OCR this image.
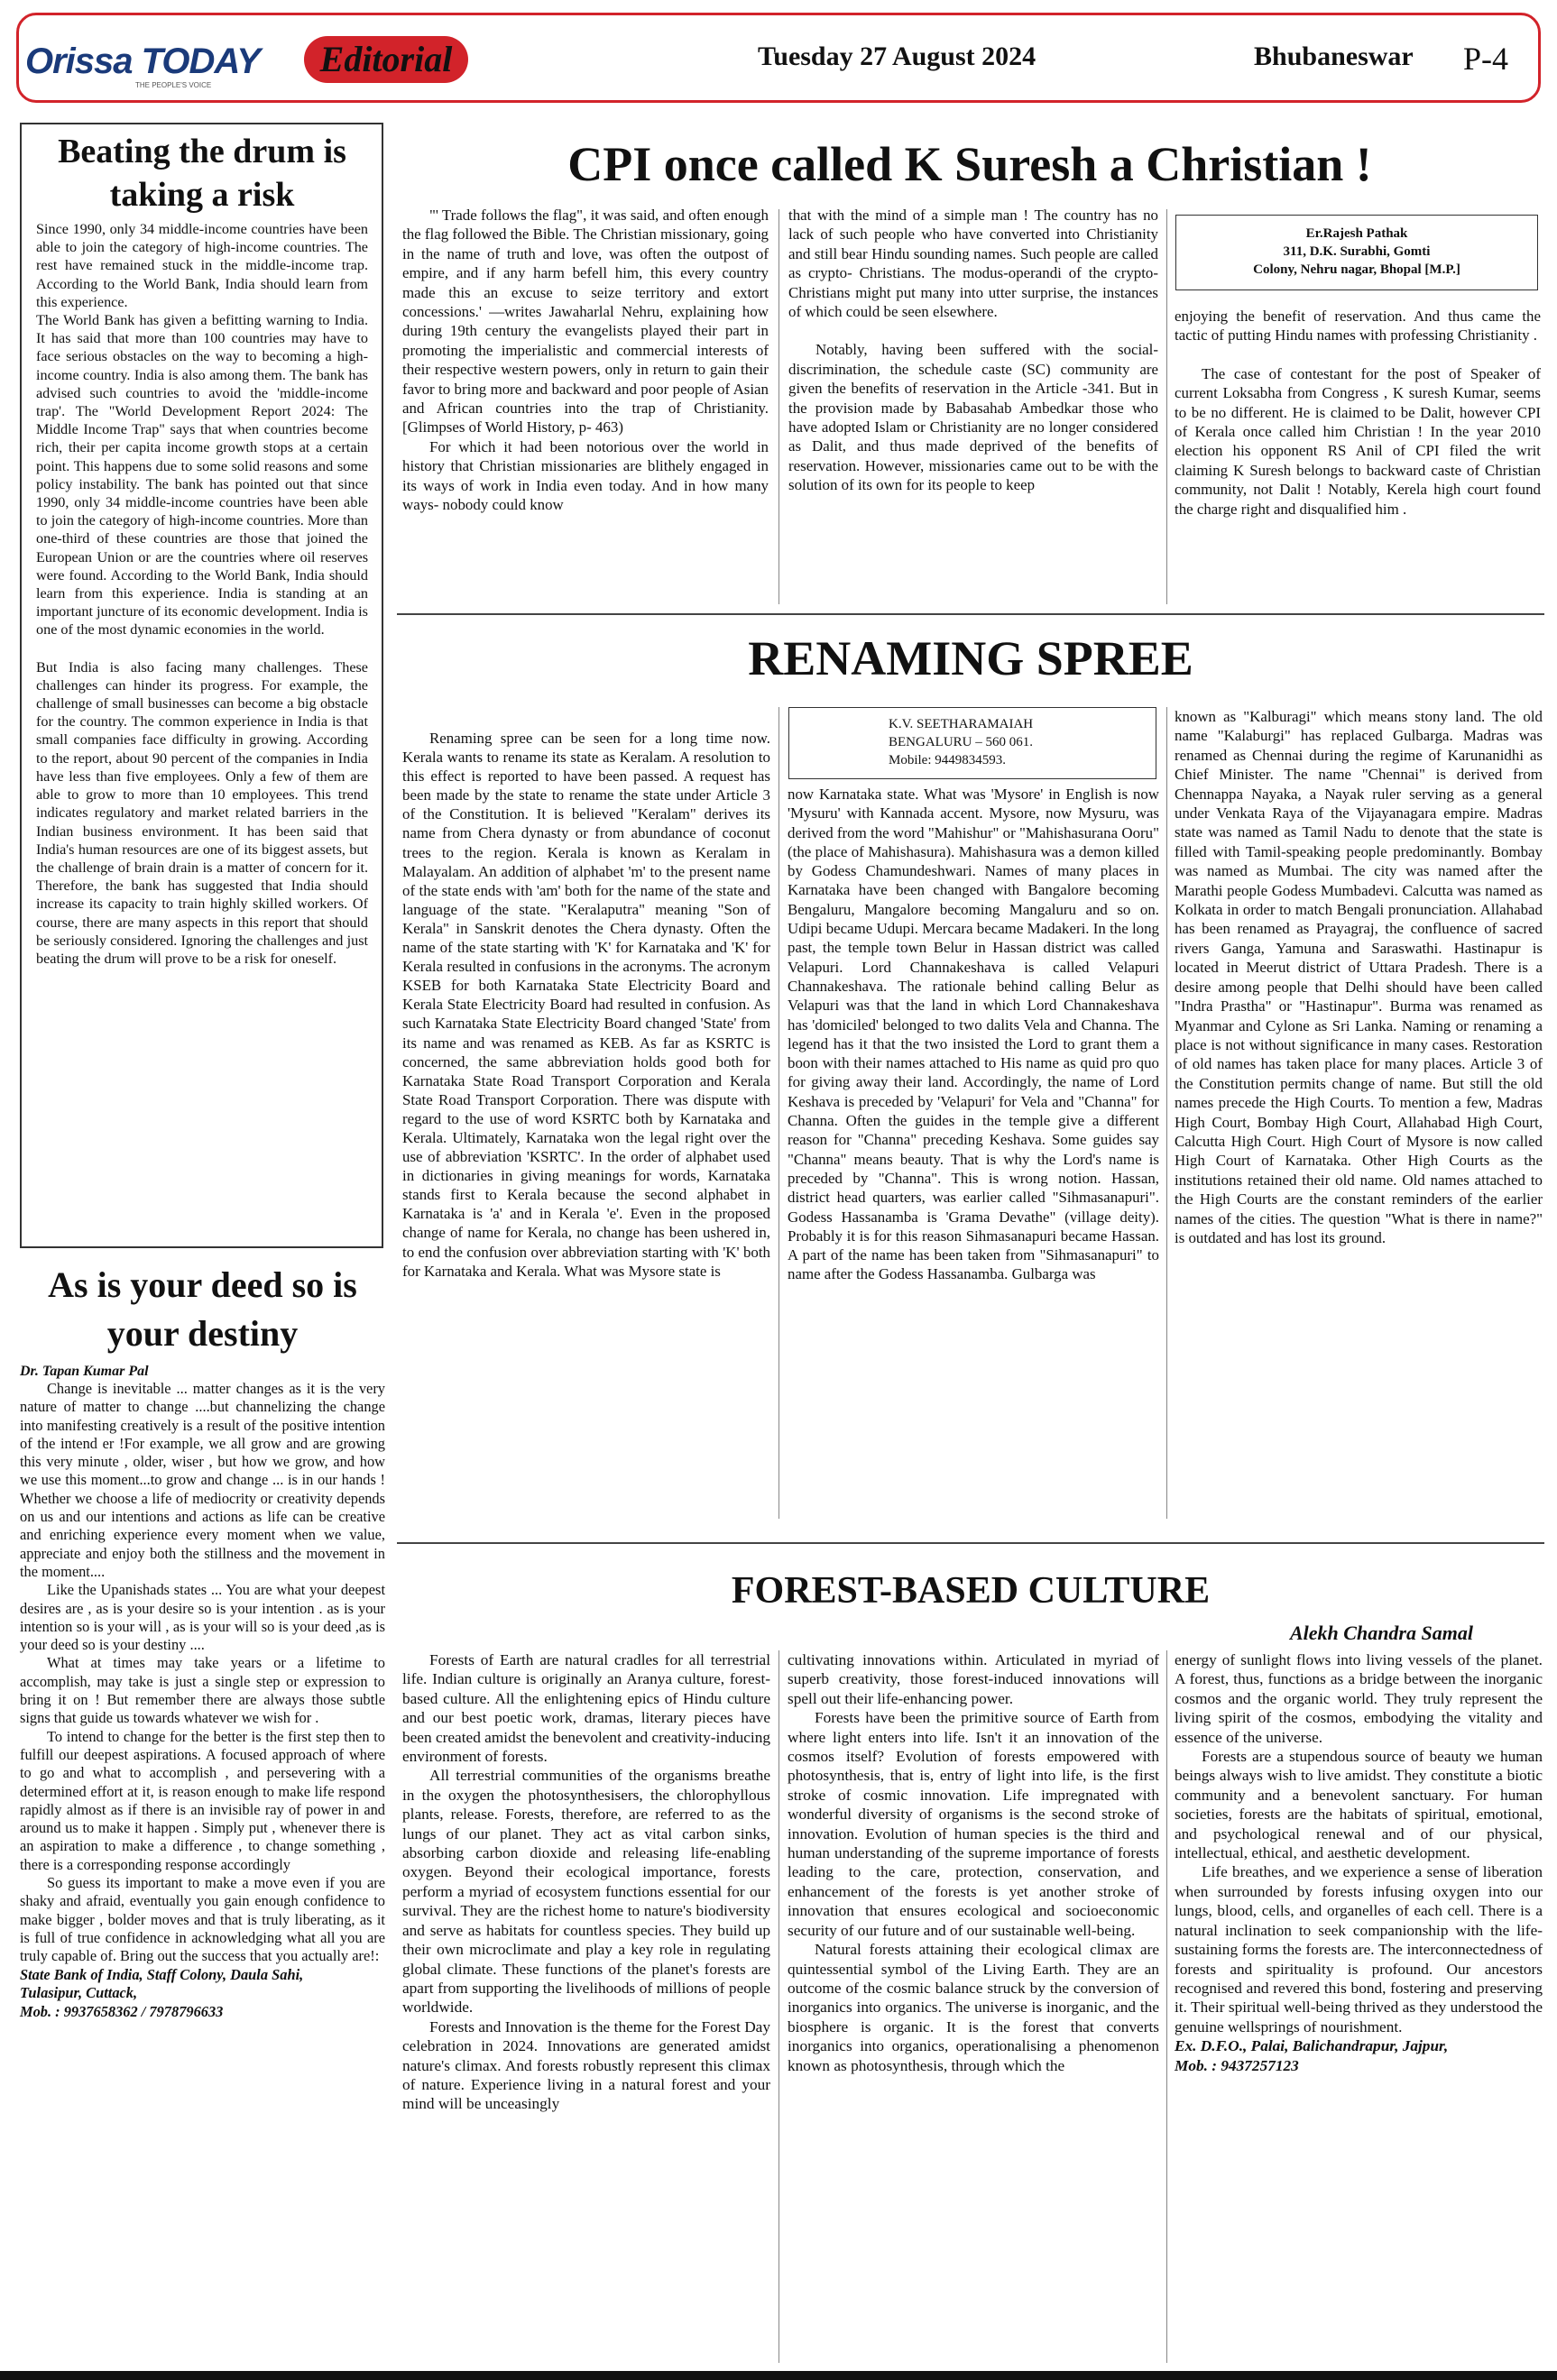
Orissa TODAY
THE PEOPLE'S VOICE
Editorial	Tuesday 27 August 2024	Bhubaneswar P-4
Beating the drum is taking a risk

Since 1990, only 34 middle-income countries have been able to join the category of high-income countries. The rest have remained stuck in the middle-income trap. According to the World Bank, India should learn from this experience.

The World Bank has given a befitting warning to India. It has said that more than 100 countries may have to face serious obstacles on the way to becoming a high-income country. India is also among them. The bank has advised such countries to avoid the 'middle-income trap'. The "World Development Report 2024: The Middle Income Trap" says that when countries become rich, their per capita income growth stops at a certain point. This happens due to some solid reasons and some policy instability. The bank has pointed out that since 1990, only 34 middle-income countries have been able to join the category of high-income countries. More than one-third of these countries are those that joined the European Union or are the countries where oil reserves were found. According to the World Bank, India should learn from this experience. India is standing at an important juncture of its economic development. India is one of the most dynamic economies in the world.

But India is also facing many challenges. These challenges can hinder its progress. For example, the challenge of small businesses can become a big obstacle for the country. The common experience in India is that small companies face difficulty in growing. According to the report, about 90 percent of the companies in India have less than five employees. Only a few of them are able to grow to more than 10 employees. This trend indicates regulatory and market related barriers in the Indian business environment. It has been said that India's human resources are one of its biggest assets, but the challenge of brain drain is a matter of concern for it. Therefore, the bank has suggested that India should increase its capacity to train highly skilled workers. Of course, there are many aspects in this report that should be seriously considered. Ignoring the challenges and just beating the drum will prove to be a risk for oneself.

As is your deed so is your destiny
Dr. Tapan Kumar Pal

Change is inevitable ... matter changes as it is the very nature of matter to change ....but channelizing the change into manifesting creatively is a result of the positive intention of the intend er !For example, we all grow and are growing this very minute , older, wiser , but how we grow, and how we use this moment...to grow and change ... is in our hands ! Whether we choose a life of mediocrity or creativity depends on us and our intentions and actions as life can be creative and enriching experience every moment when we value, appreciate and enjoy both the stillness and the movement in the moment....

Like the Upanishads states ... You are what your deepest desires are , as is your desire so is your intention . as is your intention so is your will , as is your will so is your deed ,as is your deed so is your destiny ....

What at times may take years or a lifetime to accomplish, may take is just a single step or expression to bring it on ! But remember there are always those subtle signs that guide us towards whatever we wish for .

To intend to change for the better is the first step then to fulfill our deepest aspirations. A focused approach of where to go and what to accomplish , and persevering with a determined effort at it, is reason enough to make life respond rapidly almost as if there is an invisible ray of power in and around us to make it happen . Simply put , whenever there is an aspiration to make a difference , to change something , there is a corresponding response accordingly

So guess its important to make a move even if you are shaky and afraid, eventually you gain enough confidence to make bigger , bolder moves and that is truly liberating, as it is full of true confidence in acknowledging what all you are truly capable of. Bring out the success that you actually are!:

State Bank of India, Staff Colony, Daula Sahi,
Tulasipur, Cuttack,
Mob. : 9937658362 / 7978796633
CPI once called K Suresh a Christian !

"' Trade follows the flag", it was said, and often enough the flag followed the Bible. The Christian missionary, going in the name of truth and love, was often the outpost of empire, and if any harm befell him, this every country made this an excuse to seize territory and extort concessions.' —writes Jawaharlal Nehru, explaining how during 19th century the evangelists played their part in promoting the imperialistic and commercial interests of their respective western powers, only in return to gain their favor to bring more and backward and poor people of Asian and African countries into the trap of Christianity.[Glimpses of World History, p- 463)

For which it had been notorious over the world in history that Christian missionaries are blithely engaged in its ways of work in India even today. And in how many ways- nobody could know

that with the mind of a simple man ! The country has no lack of such people who have converted into Christianity and still bear Hindu sounding names. Such people are called as crypto- Christians. The modus-operandi of the crypto- Christians might put many into utter surprise, the instances of which could be seen elsewhere.

Notably, having been suffered with the social-discrimination, the schedule caste (SC) community are given the benefits of reservation in the Article -341. But in the provision made by Babasahab Ambedkar those who have adopted Islam or Christianity are no longer considered as Dalit, and thus made deprived of the benefits of reservation. However, missionaries came out to be with the solution of its own for its people to keep

Er.Rajesh Pathak
311, D.K. Surabhi, Gomti
Colony, Nehru nagar, Bhopal [M.P.]

enjoying the benefit of reservation. And thus came the tactic of putting Hindu names with professing Christianity .

The case of contestant for the post of Speaker of current Loksabha from Congress , K suresh Kumar, seems to be no different. He is claimed to be Dalit, however CPI of Kerala once called him Christian ! In the year 2010 election his opponent RS Anil of CPI filed the writ claiming K Suresh belongs to backward caste of Christian community, not Dalit ! Notably, Kerela high court found the charge right and disqualified him .

RENAMING SPREE

Renaming spree can be seen for a long time now. Kerala wants to rename its state as Keralam. A resolution to this effect is reported to have been passed. A request has been made by the state to rename the state under Article 3 of the Constitution. It is believed "Keralam" derives its name from Chera dynasty or from abundance of coconut trees to the region. Kerala is known as Keralam in Malayalam. An addition of alphabet 'm' to the present name of the state ends with 'am' both for the name of the state and language of the state. "Keralaputra" meaning "Son of Kerala" in Sanskrit denotes the Chera dynasty. Often the name of the state starting with 'K' for Karnataka and 'K' for Kerala resulted in confusions in the acronyms. The acronym KSEB for both Karnataka State Electricity Board and Kerala State Electricity Board had resulted in confusion. As such Karnataka State Electricity Board changed 'State' from its name and was renamed as KEB. As far as KSRTC is concerned, the same abbreviation holds good both for Karnataka State Road Transport Corporation and Kerala State Road Transport Corporation. There was dispute with regard to the use of word KSRTC both by Karnataka and Kerala. Ultimately, Karnataka won the legal right over the use of abbreviation 'KSRTC'. In the order of alphabet used in dictionaries in giving meanings for words, Karnataka stands first to Kerala because the second alphabet in Karnataka is 'a' and in Kerala 'e'. Even in the proposed change of name for Kerala, no change has been ushered in, to end the confusion over abbreviation starting with 'K' both for Karnataka and Kerala. What was Mysore state is

K.V. SEETHARAMAIAH
BENGALURU – 560 061.
Mobile: 9449834593.

now Karnataka state. What was 'Mysore' in English is now 'Mysuru' with Kannada accent. Mysore, now Mysuru, was derived from the word "Mahishur" or "Mahishasurana Ooru" (the place of Mahishasura). Mahishasura was a demon killed by Godess Chamundeshwari. Names of many places in Karnataka have been changed with Bangalore becoming Bengaluru, Mangalore becoming Mangaluru and so on. Udipi became Udupi. Mercara became Madakeri. In the long past, the temple town Belur in Hassan district was called Velapuri. Lord Channakeshava is called Velapuri Channakeshava. The rationale behind calling Belur as Velapuri was that the land in which Lord Channakeshava has 'domiciled' belonged to two dalits Vela and Channa. The legend has it that the two insisted the Lord to grant them a boon with their names attached to His name as quid pro quo for giving away their land. Accordingly, the name of Lord Keshava is preceded by 'Velapuri' for Vela and "Channa" for Channa. Often the guides in the temple give a different reason for "Channa" preceding Keshava. Some guides say "Channa" means beauty. That is why the Lord's name is preceded by "Channa". This is wrong notion. Hassan, district head quarters, was earlier called "Sihmasanapuri". Godess Hassanamba is 'Grama Devathe" (village deity). Probably it is for this reason Sihmasanapuri became Hassan. A part of the name has been taken from "Sihmasanapuri" to name after the Godess Hassanamba. Gulbarga was

known as "Kalburagi" which means stony land. The old name "Kalaburgi" has replaced Gulbarga. Madras was renamed as Chennai during the regime of Karunanidhi as Chief Minister. The name "Chennai" is derived from Chennappa Nayaka, a Nayak ruler serving as a general under Venkata Raya of the Vijayanagara empire. Madras state was named as Tamil Nadu to denote that the state is filled with Tamil-speaking people predominantly. Bombay was named as Mumbai. The city was named after the Marathi people Godess Mumbadevi. Calcutta was named as Kolkata in order to match Bengali pronunciation. Allahabad has been renamed as Prayagraj, the confluence of sacred rivers Ganga, Yamuna and Saraswathi. Hastinapur is located in Meerut district of Uttara Pradesh. There is a desire among people that Delhi should have been called "Indra Prastha" or "Hastinapur". Burma was renamed as Myanmar and Cylone as Sri Lanka. Naming or renaming a place is not without significance in many cases. Restoration of old names has taken place for many places. Article 3 of the Constitution permits change of name. But still the old names precede the High Courts. To mention a few, Madras High Court, Bombay High Court, Allahabad High Court, Calcutta High Court. High Court of Mysore is now called High Court of Karnataka. Other High Courts as the institutions retained their old name. Old names attached to the High Courts are the constant reminders of the earlier names of the cities. The question "What is there in name?" is outdated and has lost its ground.

FOREST-BASED CULTURE
Alekh Chandra Samal

Forests of Earth are natural cradles for all terrestrial life. Indian culture is originally an Aranya culture, forest-based culture. All the enlightening epics of Hindu culture and our best poetic work, dramas, literary pieces have been created amidst the benevolent and creativity-inducing environment of forests.

All terrestrial communities of the organisms breathe in the oxygen the photosynthesisers, the chlorophyllous plants, release. Forests, therefore, are referred to as the lungs of our planet. They act as vital carbon sinks, absorbing carbon dioxide and releasing life-enabling oxygen. Beyond their ecological importance, forests perform a myriad of ecosystem functions essential for our survival. They are the richest home to nature's biodiversity and serve as habitats for countless species. They build up their own microclimate and play a key role in regulating global climate. These functions of the planet's forests are apart from supporting the livelihoods of millions of people worldwide.

Forests and Innovation is the theme for the Forest Day celebration in 2024. Innovations are generated amidst nature's climax. And forests robustly represent this climax of nature. Experience living in a natural forest and your mind will be unceasingly

cultivating innovations within. Articulated in myriad of superb creativity, those forest-induced innovations will spell out their life-enhancing power.

Forests have been the primitive source of Earth from where light enters into life. Isn't it an innovation of the cosmos itself? Evolution of forests empowered with photosynthesis, that is, entry of light into life, is the first stroke of cosmic innovation. Life impregnated with wonderful diversity of organisms is the second stroke of innovation. Evolution of human species is the third and human understanding of the supreme importance of forests leading to the care, protection, conservation, and enhancement of the forests is yet another stroke of innovation that ensures ecological and socioeconomic security of our future and of our sustainable well-being.

Natural forests attaining their ecological climax are quintessential symbol of the Living Earth. They are an outcome of the cosmic balance struck by the conversion of inorganics into organics. The universe is inorganic, and the biosphere is organic. It is the forest that converts inorganics into organics, operationalising a phenomenon known as photosynthesis, through which the

energy of sunlight flows into living vessels of the planet. A forest, thus, functions as a bridge between the inorganic cosmos and the organic world. They truly represent the living spirit of the cosmos, embodying the vitality and essence of the universe.

Forests are a stupendous source of beauty we human beings always wish to live amidst. They constitute a biotic community and a benevolent sanctuary. For human societies, forests are the habitats of spiritual, emotional, and psychological renewal and of our physical, intellectual, ethical, and aesthetic development.

Life breathes, and we experience a sense of liberation when surrounded by forests infusing oxygen into our lungs, blood, cells, and organelles of each cell. There is a natural inclination to seek companionship with the life-sustaining forms the forests are. The interconnectedness of forests and spirituality is profound. Our ancestors recognised and revered this bond, fostering and preserving it. Their spiritual well-being thrived as they understood the genuine wellsprings of nourishment.

Ex. D.F.O., Palai, Balichandrapur, Jajpur,
Mob. : 9437257123
